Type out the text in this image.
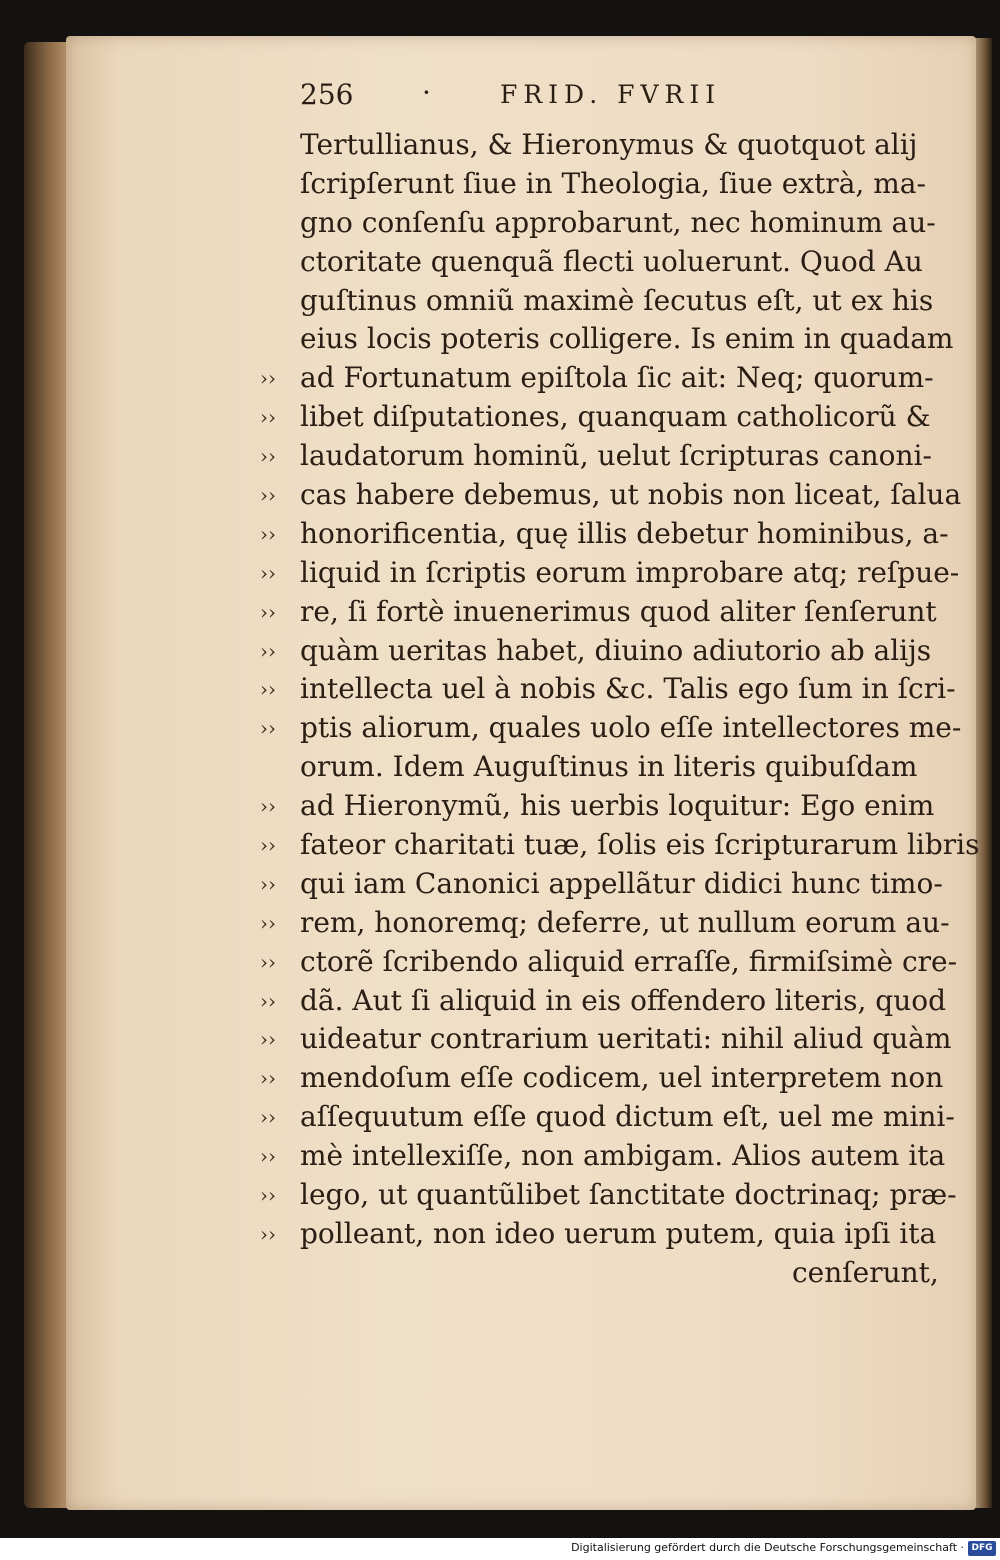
256 ·	FRID. FVRII
Tertullianus, & Hieronymus & quotquot alij
ſcripſerunt ſiue in Theologia, ſiue extrà, ma-
gno conſenſu approbarunt, nec hominum au-
ctoritate quenquã flecti uoluerunt. Quod Au
guſtinus omniũ maximè ſecutus eſt, ut ex his
eius locis poteris colligere. Is enim in quadam
›› ad Fortunatum epiſtola ſic ait: Neq; quorum-
›› libet diſputationes, quanquam catholicorũ &
›› laudatorum hominũ, uelut ſcripturas canoni-
›› cas habere debemus, ut nobis non liceat, ſalua
›› honorificentia, quę illis debetur hominibus, a-
›› liquid in ſcriptis eorum improbare atq; reſpue-
›› re, ſi fortè inuenerimus quod aliter ſenſerunt
›› quàm ueritas habet, diuino adiutorio ab alijs
›› intellecta uel à nobis &c. Talis ego ſum in ſcri-
›› ptis aliorum, quales uolo eſſe intellectores me-
orum. Idem Auguſtinus in literis quibuſdam
›› ad Hieronymũ, his uerbis loquitur: Ego enim
›› fateor charitati tuæ, ſolis eis ſcripturarum libris
›› qui iam Canonici appellãtur didici hunc timo-
›› rem, honoremq; deferre, ut nullum eorum au-
›› ctorẽ ſcribendo aliquid erraſſe, firmiſsimè cre-
›› dã. Aut ſi aliquid in eis offendero literis, quod
›› uideatur contrarium ueritati: nihil aliud quàm
›› mendoſum eſſe codicem, uel interpretem non
›› aſſequutum eſſe quod dictum eſt, uel me mini-
›› mè intellexiſſe, non ambigam. Alios autem ita
›› lego, ut quantũlibet ſanctitate doctrinaq; præ-
›› polleant, non ideo uerum putem, quia ipſi ita
cenſerunt,
Digitalisierung gefördert durch die Deutsche Forschungsgemeinschaft · DFG
